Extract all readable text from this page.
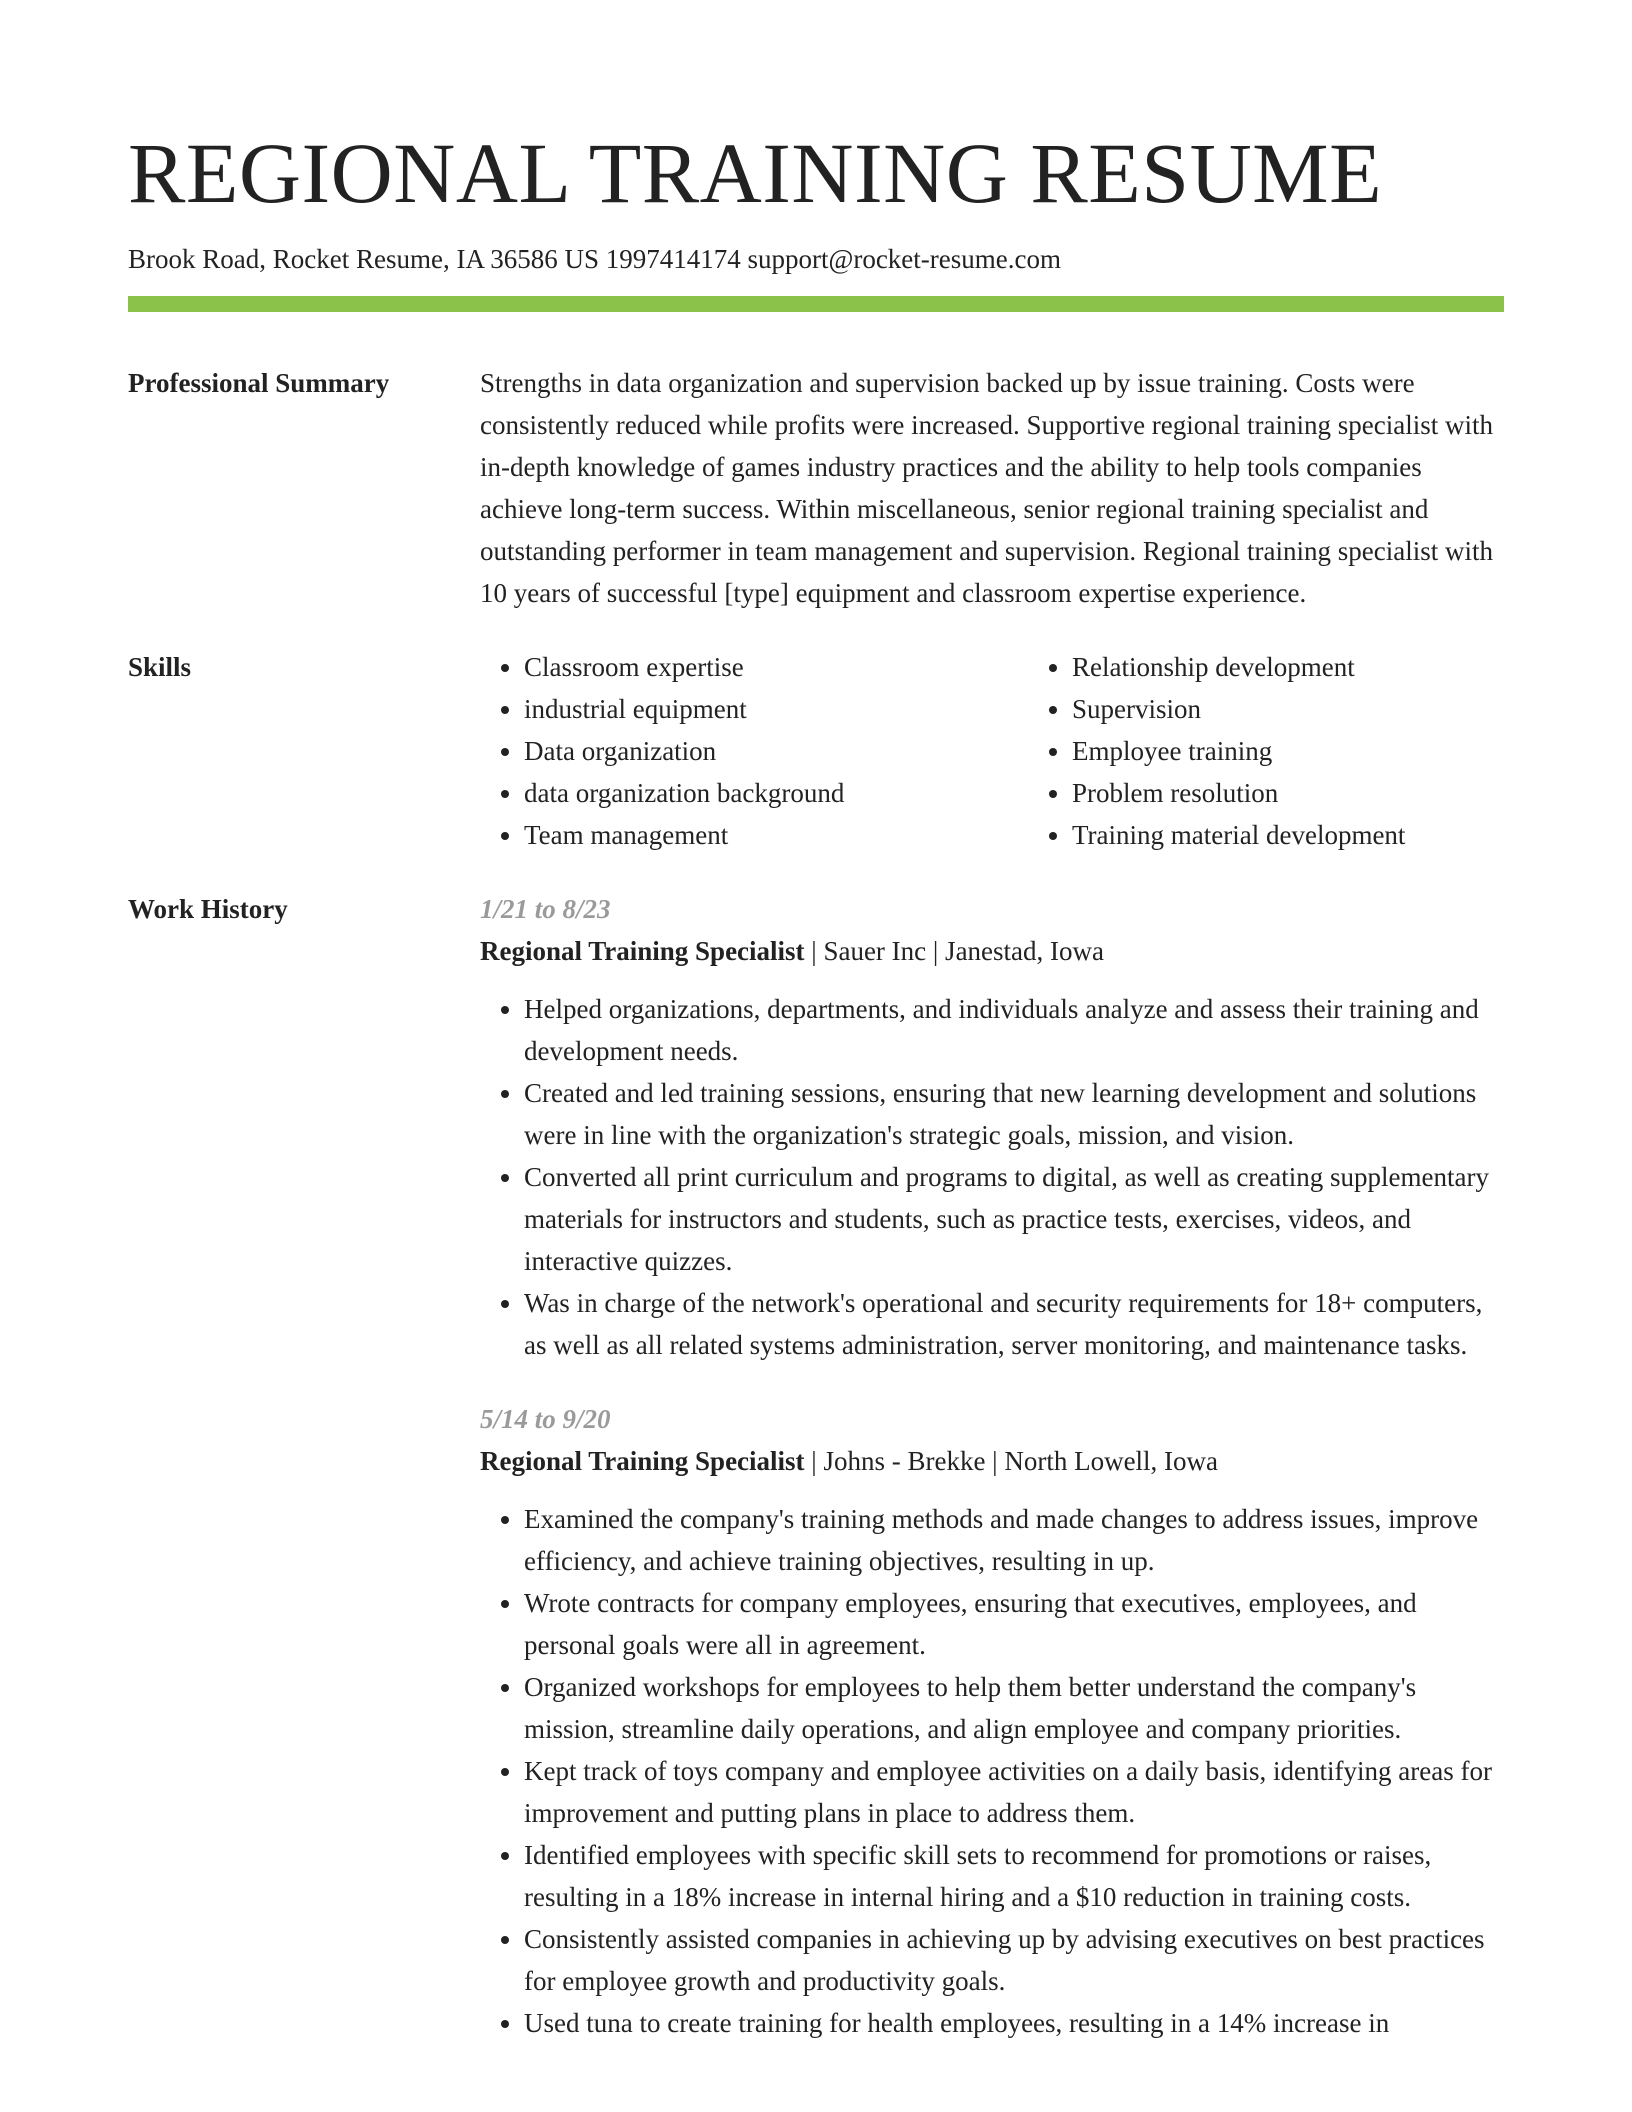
REGIONAL TRAINING RESUME
Brook Road, Rocket Resume, IA 36586 US 1997414174 support@rocket-resume.com
Professional Summary	Strengths in data organization and supervision backed up by issue training. Costs were consistently reduced while profits were increased. Supportive regional training specialist with in-depth knowledge of games industry practices and the ability to help tools companies achieve long-term success. Within miscellaneous, senior regional training specialist and outstanding performer in team management and supervision. Regional training specialist with 10 years of successful [type] equipment and classroom expertise experience.

Skills
•	Classroom expertise
• industrial equipment
• Data organization
• data organization background
• Team management
• Relationship development
• Supervision
• Employee training
• Problem resolution
• Training material development
Work History	1/21 to 8/23
Regional Training Specialist | Sauer Inc | Janestad, Iowa
• Helped organizations, departments, and individuals analyze and assess their training and development needs.
• Created and led training sessions, ensuring that new learning development and solutions were in line with the organization's strategic goals, mission, and vision.
• Converted all print curriculum and programs to digital, as well as creating supplementary materials for instructors and students, such as practice tests, exercises, videos, and interactive quizzes.
• Was in charge of the network's operational and security requirements for 18+ computers, as well as all related systems administration, server monitoring, and maintenance tasks.
5/14 to 9/20
Regional Training Specialist | Johns - Brekke | North Lowell, Iowa
• Examined the company's training methods and made changes to address issues, improve efficiency, and achieve training objectives, resulting in up.
• Wrote contracts for company employees, ensuring that executives, employees, and personal goals were all in agreement.
• Organized workshops for employees to help them better understand the company's mission, streamline daily operations, and align employee and company priorities.
• Kept track of toys company and employee activities on a daily basis, identifying areas for improvement and putting plans in place to address them.
• Identified employees with specific skill sets to recommend for promotions or raises, resulting in a 18% increase in internal hiring and a $10 reduction in training costs.
• Consistently assisted companies in achieving up by advising executives on best practices for employee growth and productivity goals.
• Used tuna to create training for health employees, resulting in a 14% increase in
